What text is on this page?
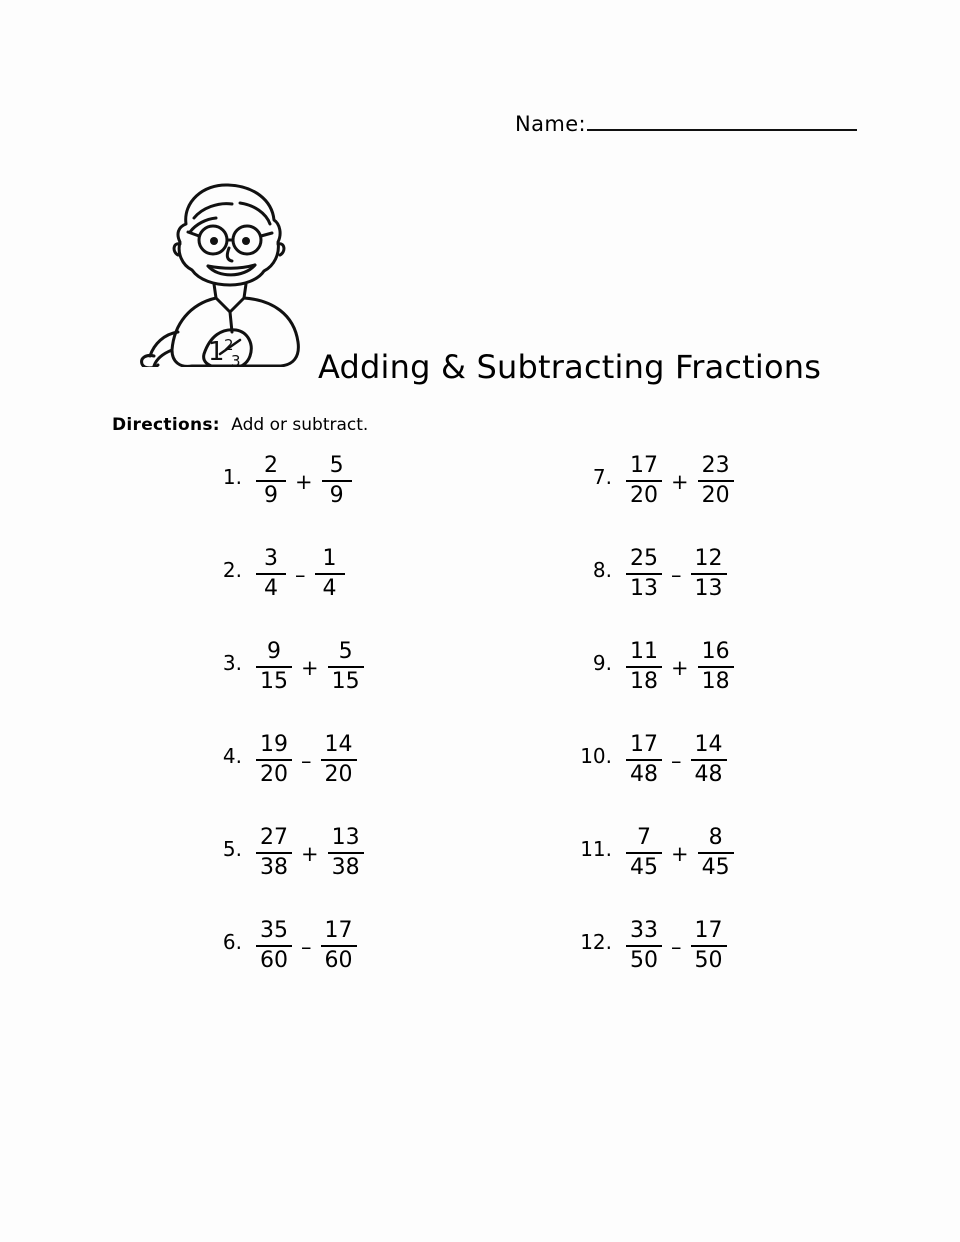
Name:
1 2
3 Adding & Subtracting Fractions
Directions: Add or subtract.
1. $\frac{2}{9} + \frac{5}{9}$
2. $\frac{3}{4} - \frac{1}{4}$
3. $\frac{9}{15} + \frac{5}{15}$
4. $\frac{19}{20} - \frac{14}{20}$
5. $\frac{27}{38} + \frac{13}{38}$
6. $\frac{35}{60} - \frac{17}{60}$
7. $\frac{17}{20} + \frac{23}{20}$
8. $\frac{25}{13} - \frac{12}{13}$
9. $\frac{11}{18} + \frac{16}{18}$
10. $\frac{17}{48} - \frac{14}{48}$
11. $\frac{7}{45} + \frac{8}{45}$
12. $\frac{33}{50} - \frac{17}{50}$
